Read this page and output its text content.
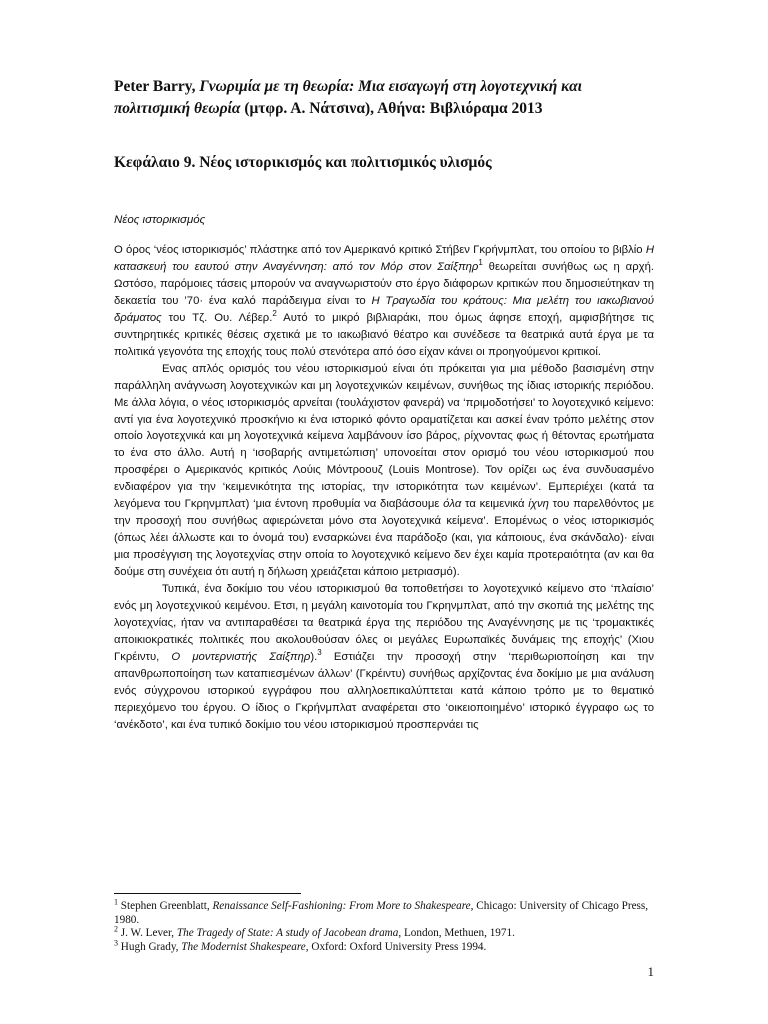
Peter Barry, Γνωριμία με τη θεωρία: Μια εισαγωγή στη λογοτεχνική και πολιτισμική θεωρία (μτφρ. Α. Νάτσινα), Αθήνα: Βιβλιόραμα 2013
Κεφάλαιο 9. Νέος ιστορικισμός και πολιτισμικός υλισμός
Νέος ιστορικισμός

Ο όρος ‘νέος ιστορικισμός’ πλάστηκε από τον Αμερικανό κριτικό Στήβεν Γκρήνμπλατ, του οποίου το βιβλίο Η κατασκευή του εαυτού στην Αναγέννηση: από τον Μόρ στον Σαίξπηρ$^1$ θεωρείται συνήθως ως η αρχή. Ωστόσο, παρόμοιες τάσεις μπορούν να αναγνωριστούν στο έργο διάφορων κριτικών που δημοσιεύτηκαν τη δεκαετία του ’70· ένα καλό παράδειγμα είναι το Η Τραγωδία του κράτους: Μια μελέτη του ιακωβιανού δράματος του Τζ. Ου. Λέβερ.$^2$ Αυτό το μικρό βιβλιαράκι, που όμως άφησε εποχή, αμφισβήτησε τις συντηρητικές κριτικές θέσεις σχετικά με το ιακωβιανό θέατρο και συνέδεσε τα θεατρικά αυτά έργα με τα πολιτικά γεγονότα της εποχής τους πολύ στενότερα από όσο είχαν κάνει οι προηγούμενοι κριτικοί.

Ενας απλός ορισμός του νέου ιστορικισμού είναι ότι πρόκειται για μια μέθοδο βασισμένη στην παράλληλη ανάγνωση λογοτεχνικών και μη λογοτεχνικών κειμένων, συνήθως της ίδιας ιστορικής περιόδου. Με άλλα λόγια, ο νέος ιστορικισμός αρνείται (τουλάχιστον φανερά) να ‘πριμοδοτήσει’ το λογοτεχνικό κείμενο: αντί για ένα λογοτεχνικό προσκήνιο κι ένα ιστορικό φόντο οραματίζεται και ασκεί έναν τρόπο μελέτης στον οποίο λογοτεχνικά και μη λογοτεχνικά κείμενα λαμβάνουν ίσο βάρος, ρίχνοντας φως ή θέτοντας ερωτήματα το ένα στο άλλο. Αυτή η ‘ισοβαρής αντιμετώπιση’ υπονοείται στον ορισμό του νέου ιστορικισμού που προσφέρει ο Αμερικανός κριτικός Λούις Μόντροουζ (Louis Montrose). Τον ορίζει ως ένα συνδυασμένο ενδιαφέρον για την ‘κειμενικότητα της ιστορίας, την ιστορικότητα των κειμένων’. Εμπεριέχει (κατά τα λεγόμενα του Γκρηνμπλατ) ‘μια έντονη προθυμία να διαβάσουμε όλα τα κειμενικά ίχνη του παρελθόντος με την προσοχή που συνήθως αφιερώνεται μόνο στα λογοτεχνικά κείμενα’. Επομένως ο νέος ιστορικισμός (όπως λέει άλλωστε και το όνομά του) ενσαρκώνει ένα παράδοξο (και, για κάποιους, ένα σκάνδαλο)· είναι μια προσέγγιση της λογοτεχνίας στην οποία το λογοτεχνικό κείμενο δεν έχει καμία προτεραιότητα (αν και θα δούμε στη συνέχεια ότι αυτή η δήλωση χρειάζεται κάποιο μετριασμό).

Τυπικά, ένα δοκίμιο του νέου ιστορικισμού θα τοποθετήσει το λογοτεχνικό κείμενο στο ‘πλαίσιο’ ενός μη λογοτεχνικού κειμένου. Ετσι, η μεγάλη καινοτομία του Γκρηνμπλατ, από την σκοπιά της μελέτης της λογοτεχνίας, ήταν να αντιπαραθέσει τα θεατρικά έργα της περιόδου της Αναγέννησης με τις ‘τρομακτικές αποικιοκρατικές πολιτικές που ακολουθούσαν όλες οι μεγάλες Ευρωπαϊκές δυνάμεις της εποχής’ (Χιου Γκρέιντυ, Ο μοντερνιστής Σαίξπηρ).$^3$ Εστιάζει την προσοχή στην ‘περιθωριοποίηση και την απανθρωποποίηση των καταπιεσμένων άλλων’ (Γκρέιντυ) συνήθως αρχίζοντας ένα δοκίμιο με μια ανάλυση ενός σύγχρονου ιστορικού εγγράφου που αλληλοεπικαλύπτεται κατά κάποιο τρόπο με το θεματικό περιεχόμενο του έργου. Ο ίδιος ο Γκρήνμπλατ αναφέρεται στο ‘οικειοποιημένο’ ιστορικό έγγραφο ως το ‘ανέκδοτο’, και ένα τυπικό δοκίμιο του νέου ιστορικισμού προσπερνάει τις

$^1$ Stephen Greenblatt, Renaissance Self-Fashioning: From More to Shakespeare, Chicago: University of Chicago Press, 1980.
$^2$ J. W. Lever, The Tragedy of State: A study of Jacobean drama, London, Methuen, 1971.
$^3$ Hugh Grady, The Modernist Shakespeare, Oxford: Oxford University Press 1994.
1
